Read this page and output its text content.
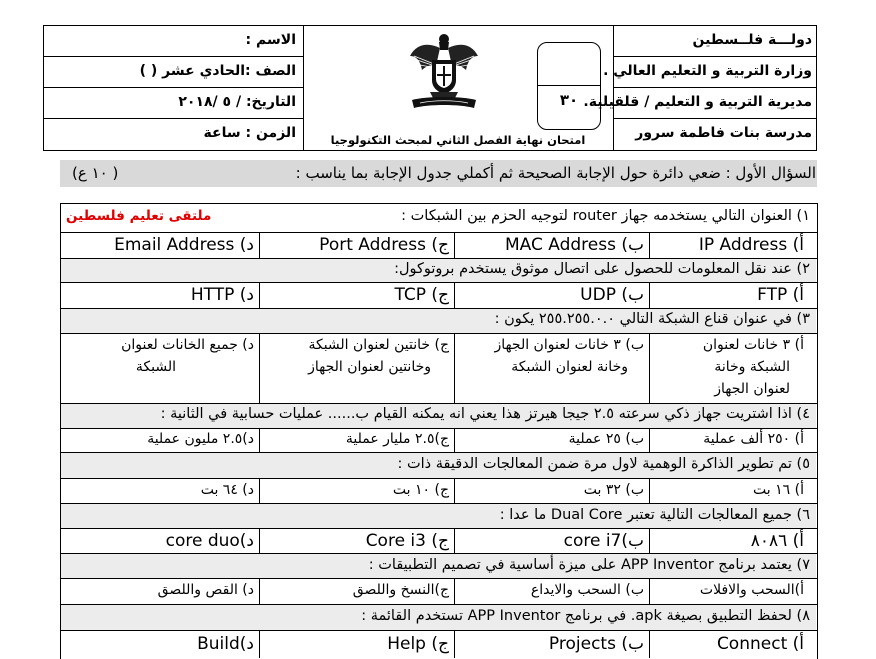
دولـــة فلــسطين
وزارة التربية و التعليم العالي .
مديرية التربية و التعليم / قلقيلية.
مدرسة بنات فاطمة سرور
٣٠
امتحان نهاية الفصل الثاني لمبحث التكنولوجيا
الاسم :
الصف :الحادي عشر ( )
التاريخ: / ٥ /٢٠١٨
الزمن : ساعة
السؤال الأول : ضعي دائرة حول الإجابة الصحيحة ثم أكملي جدول الإجابة بما يناسب :
( ١٠ ع)
ملتقى تعليم فلسطين	١) العنوان التالي يستخدمه جهاز router لتوجيه الحزم بين الشبكات :
أ) IP Address
ب) MAC Address
ج) Port Address
د) Email Address
٢) عند نقل المعلومات للحصول على اتصال موثوق يستخدم بروتوكول:
أ) FTP
ب) UDP
ج) TCP
د) HTTP
٣) في عنوان قناع الشبكة التالي ٢٥٥.٢٥٥.٠.٠ يكون :
أ) ٣ خانات لعنوان
الشبكة وخانة
لعنوان الجهاز
ب) ٣ خانات لعنوان الجهاز
وخانة لعنوان الشبكة
ج) خانتين لعنوان الشبكة
وخانتين لعنوان الجهاز
د) جميع الخانات لعنوان
الشبكة
٤) اذا اشتريت جهاز ذكي سرعته ٢.٥ جيجا هيرتز هذا يعني انه يمكنه القيام ب...... عمليات حسابية في الثانية :
أ) ٢٥٠ ألف عملية
ب) ٢٥ عملية
ج)٢.٥ مليار عملية
د)٢.٥ مليون عملية
٥) تم تطوير الذاكرة الوهمية لاول مرة ضمن المعالجات الدقيقة ذات :
أ) ١٦ بت
ب) ٣٢ بت
ج) ١٠ بت
د) ٦٤ بت
٦) جميع المعالجات التالية تعتبر Dual Core ما عدا :
أ) ٨٠٨٦
ب)core i7
ج) Core i3
د)core duo
٧) يعتمد برنامج APP Inventor على ميزة أساسية في تصميم التطبيقات :
أ)السحب والافلات
ب) السحب والايداع
ج)النسخ واللصق
د) القص واللصق
٨) لحفظ التطبيق بصيغة apk. في برنامج APP Inventor تستخدم القائمة :
أ) Connect
ب) Projects
ج) Help
د)Build
